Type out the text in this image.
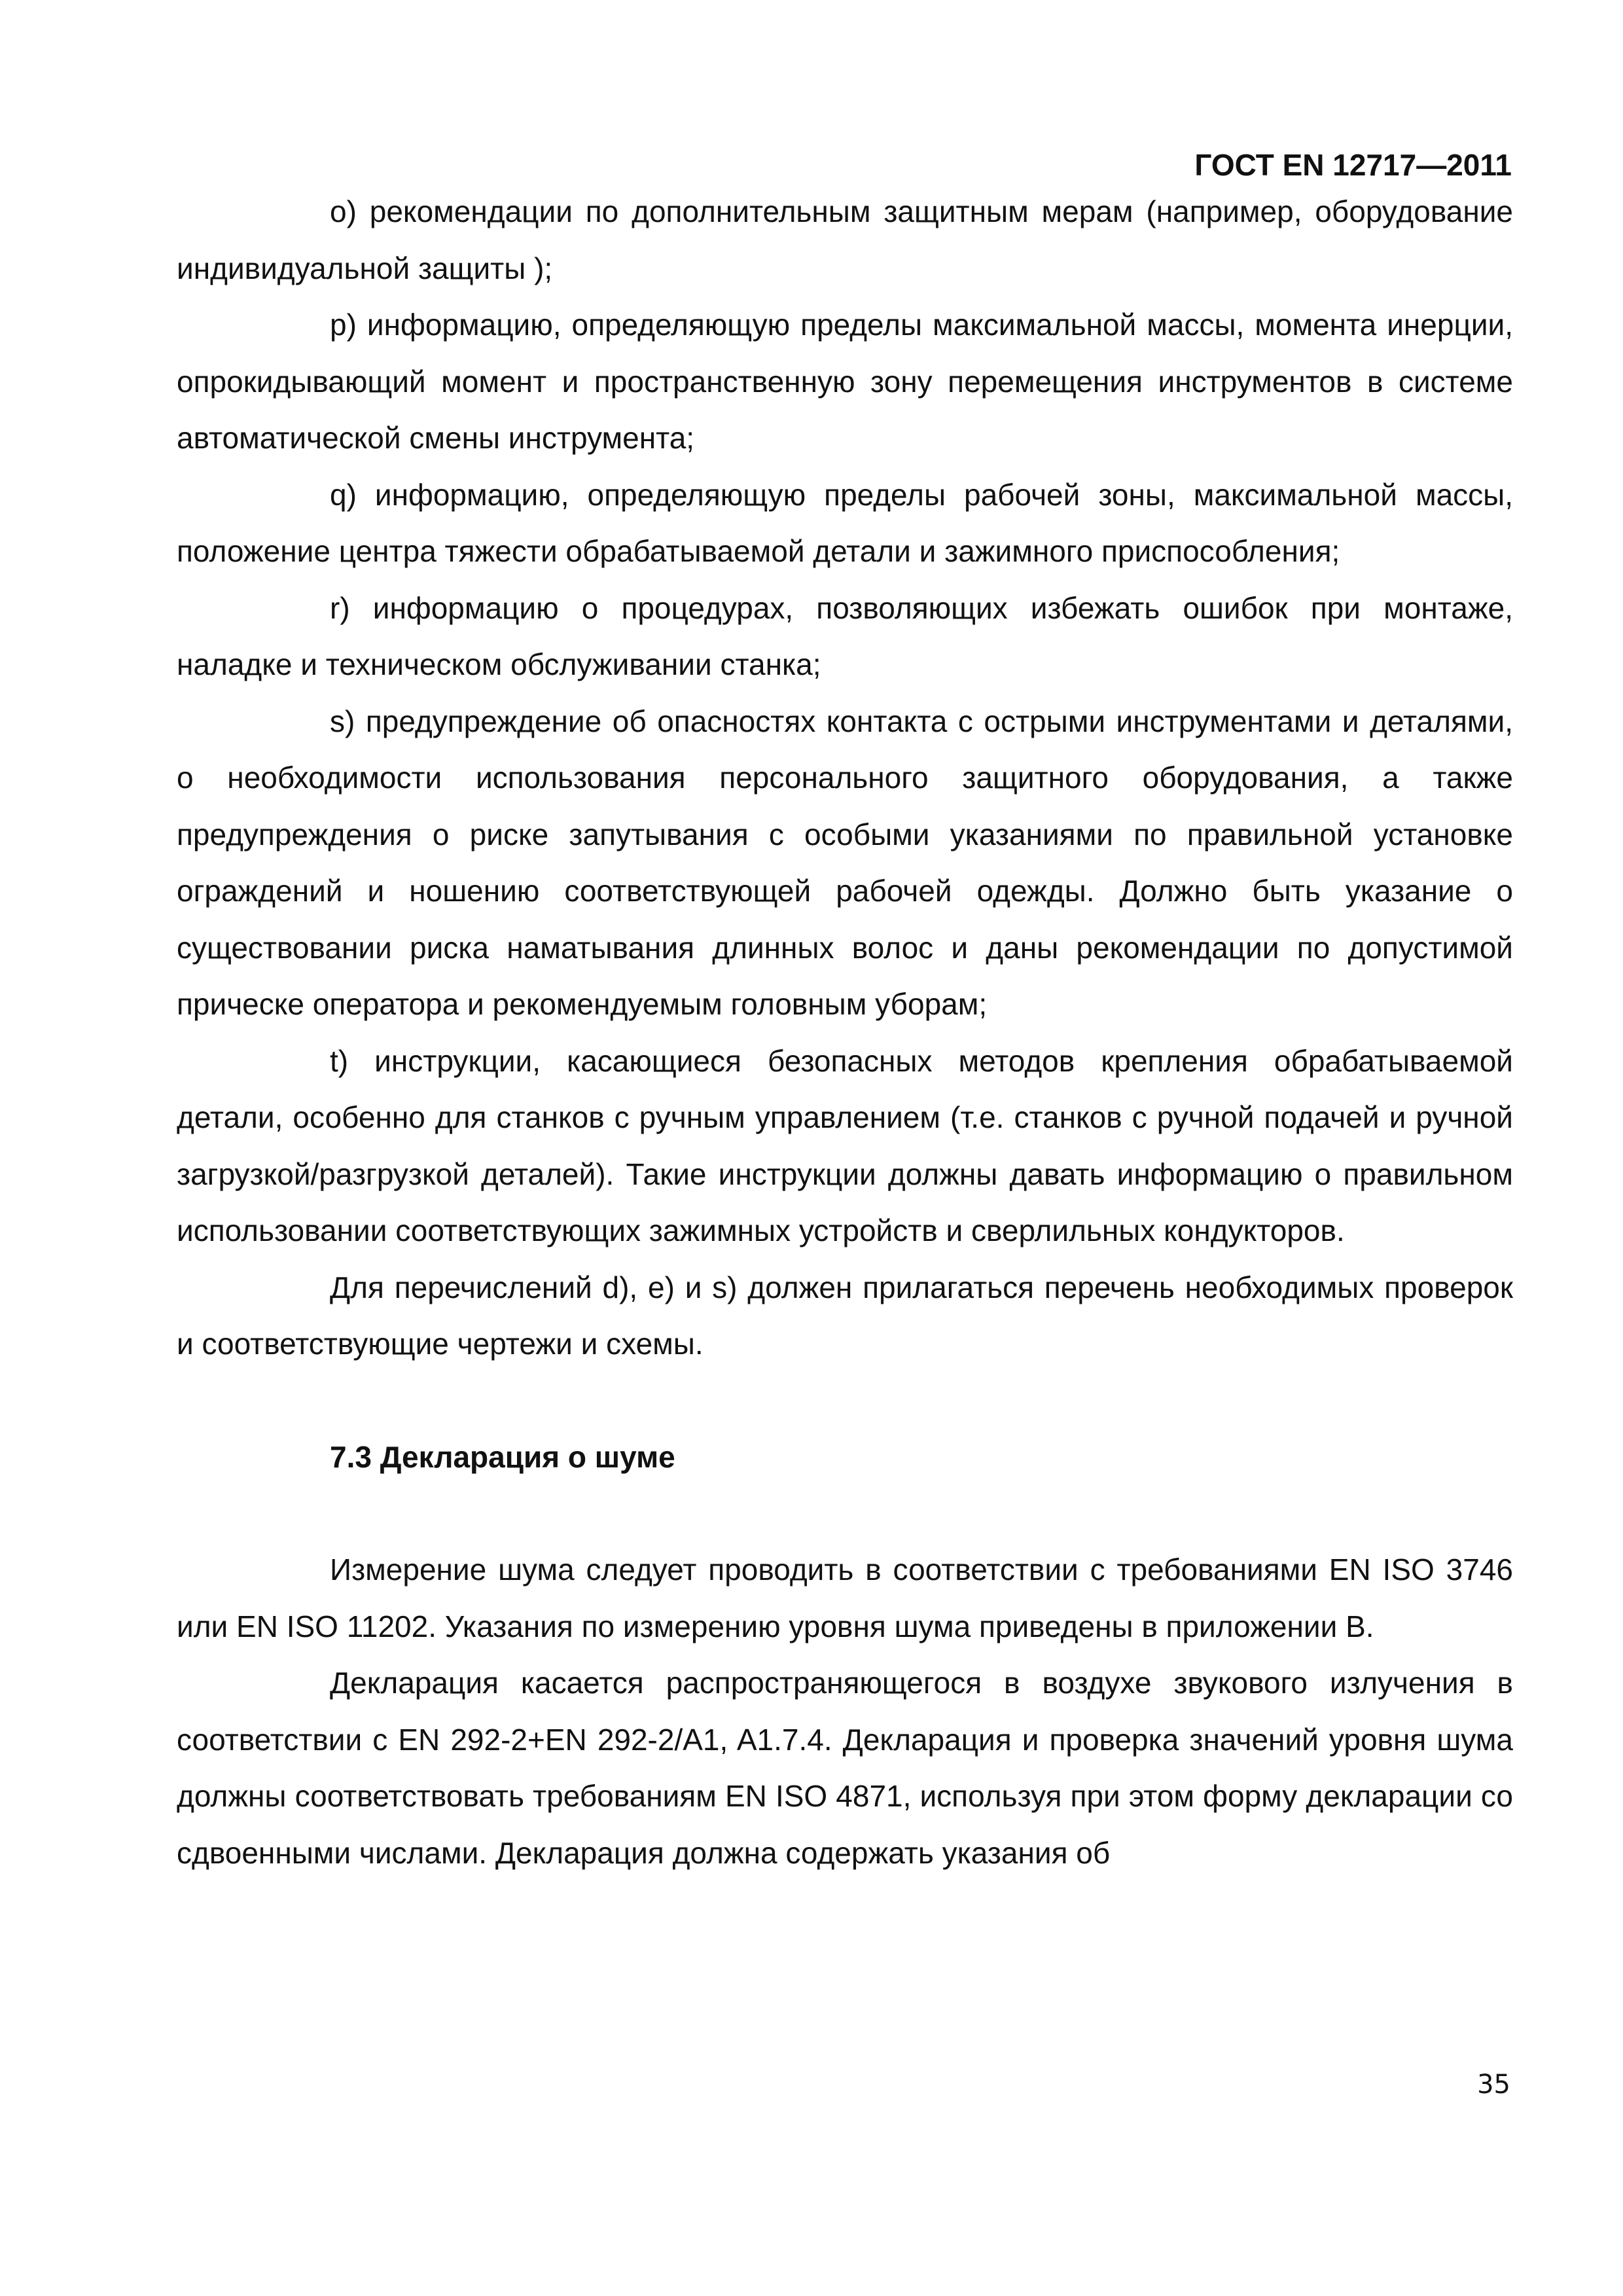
ГОСТ EN 12717—2011

о) рекомендации по дополнительным защитным мерам (например, оборудование индивидуальной защиты );

р) информацию, определяющую пределы максимальной массы, момента инерции, опрокидывающий момент и пространственную зону перемещения инструментов в системе автоматической смены инструмента;

q) информацию, определяющую пределы рабочей зоны, максимальной массы, положение центра тяжести обрабатываемой детали и зажимного приспособления;

r) информацию о процедурах, позволяющих избежать ошибок при монтаже, наладке и техническом обслуживании станка;

s) предупреждение об опасностях контакта с острыми инструментами и деталями, о необходимости использования персонального защитного оборудования, а также предупреждения о риске запутывания с особыми указаниями по правильной установке ограждений и ношению соответствующей рабочей одежды. Должно быть указание о существовании риска наматывания длинных волос и даны рекомендации по допустимой прическе оператора и рекомендуемым головным уборам;

t) инструкции, касающиеся безопасных методов крепления обрабатываемой детали, особенно для станков с ручным управлением (т.е. станков с ручной подачей и ручной загрузкой/разгрузкой деталей). Такие инструкции должны давать информацию о правильном использовании соответствующих зажимных устройств и сверлильных кондукторов.

Для перечислений d), e) и s) должен прилагаться перечень необходимых проверок и соответствующие чертежи и схемы.

7.3 Декларация о шуме

Измерение шума следует проводить в соответствии с требованиями EN ISO 3746 или EN ISO 11202. Указания по измерению уровня шума приведены в приложении B.

Декларация касается распространяющегося в воздухе звукового излучения в соответствии с EN 292-2+EN 292-2/A1, A1.7.4. Декларация и проверка значений уровня шума должны соответствовать требованиям EN ISO 4871, используя при этом форму декларации со сдвоенными числами. Декларация должна содержать указания об

35
